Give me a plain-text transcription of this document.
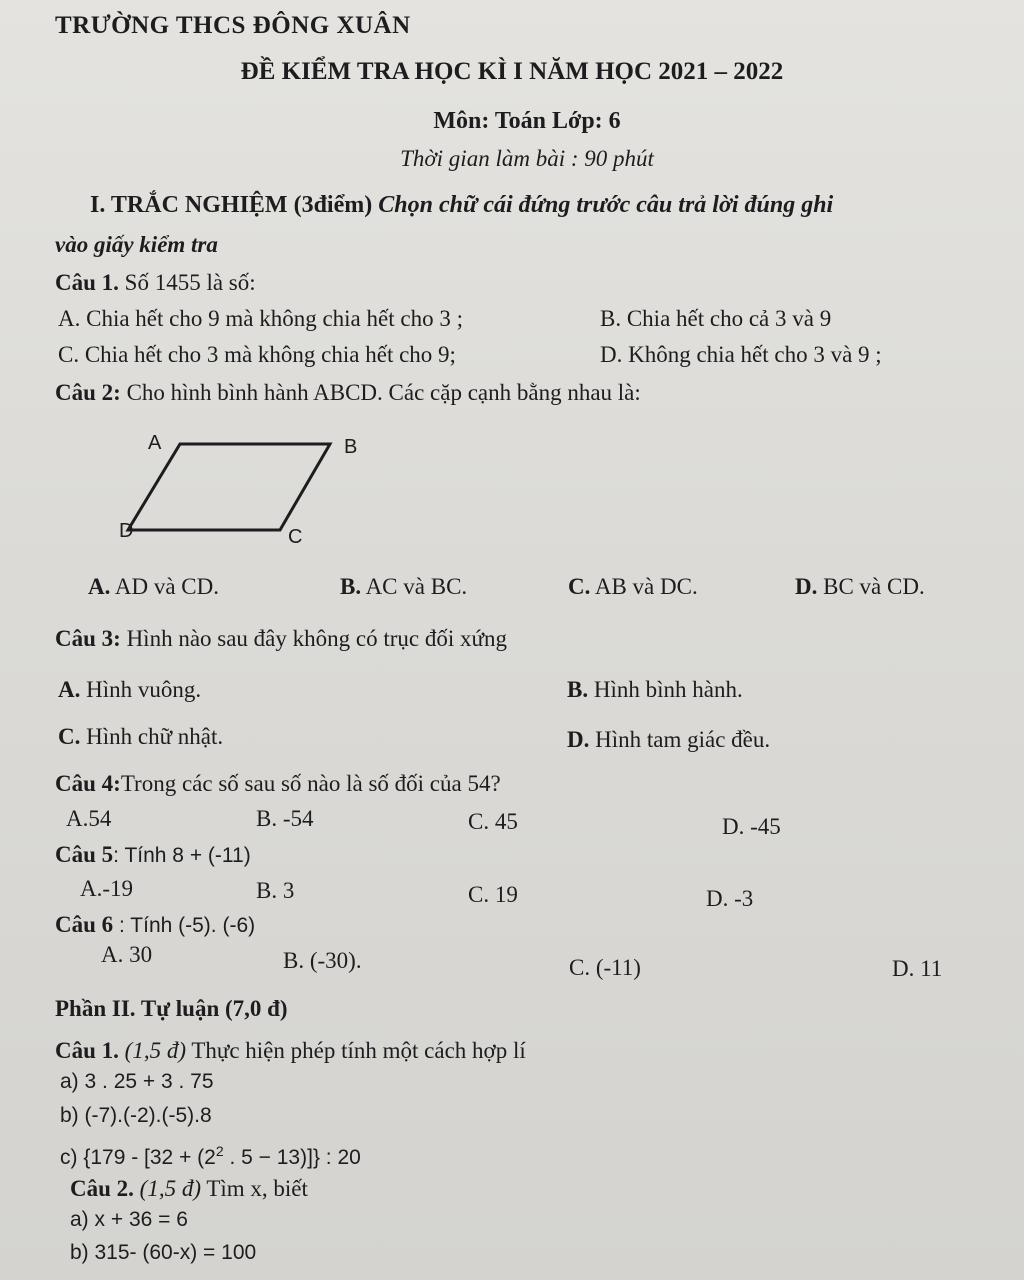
TRƯỜNG THCS ĐÔNG XUÂN
ĐỀ KIỂM TRA HỌC KÌ I NĂM HỌC 2021 – 2022
Môn: Toán Lớp: 6
Thời gian làm bài : 90 phút
I. TRẮC NGHIỆM (3điểm) Chọn chữ cái đứng trước câu trả lời đúng ghi
vào giấy kiểm tra
Câu 1. Số 1455 là số:
A. Chia hết cho 9 mà không chia hết cho 3 ;	B. Chia hết cho cả 3 và 9
C. Chia hết cho 3 mà không chia hết cho 9;	D. Không chia hết cho 3 và 9 ;
Câu 2: Cho hình bình hành ABCD. Các cặp cạnh bằng nhau là:
A	B
C
D
A. AD và CD.	B. AC và BC.	C. AB và DC.	D. BC và CD.
Câu 3: Hình nào sau đây không có trục đối xứng
A. Hình vuông.	B. Hình bình hành.
C. Hình chữ nhật.	D. Hình tam giác đều.
Câu 4:Trong các số sau số nào là số đối của 54?
A.54	B. -54	C. 45	D. -45
Câu 5: Tính 8 + (-11)
A.-19	B. 3	C. 19	D. -3
Câu 6 : Tính (-5). (-6)
A. 30	B. (-30).	C. (-11)	D. 11
Phần II. Tự luận (7,0 đ)
Câu 1. (1,5 đ) Thực hiện phép tính một cách hợp lí
a) 3 . 25 + 3 . 75
b) (-7).(-2).(-5).8
c) {$179 - [32 + (2^2$ . 5 − 13)]} : 20
Câu 2. (1,5 đ) Tìm x, biết
a) x + 36 = 6
b) 315- (60-x) = 100
